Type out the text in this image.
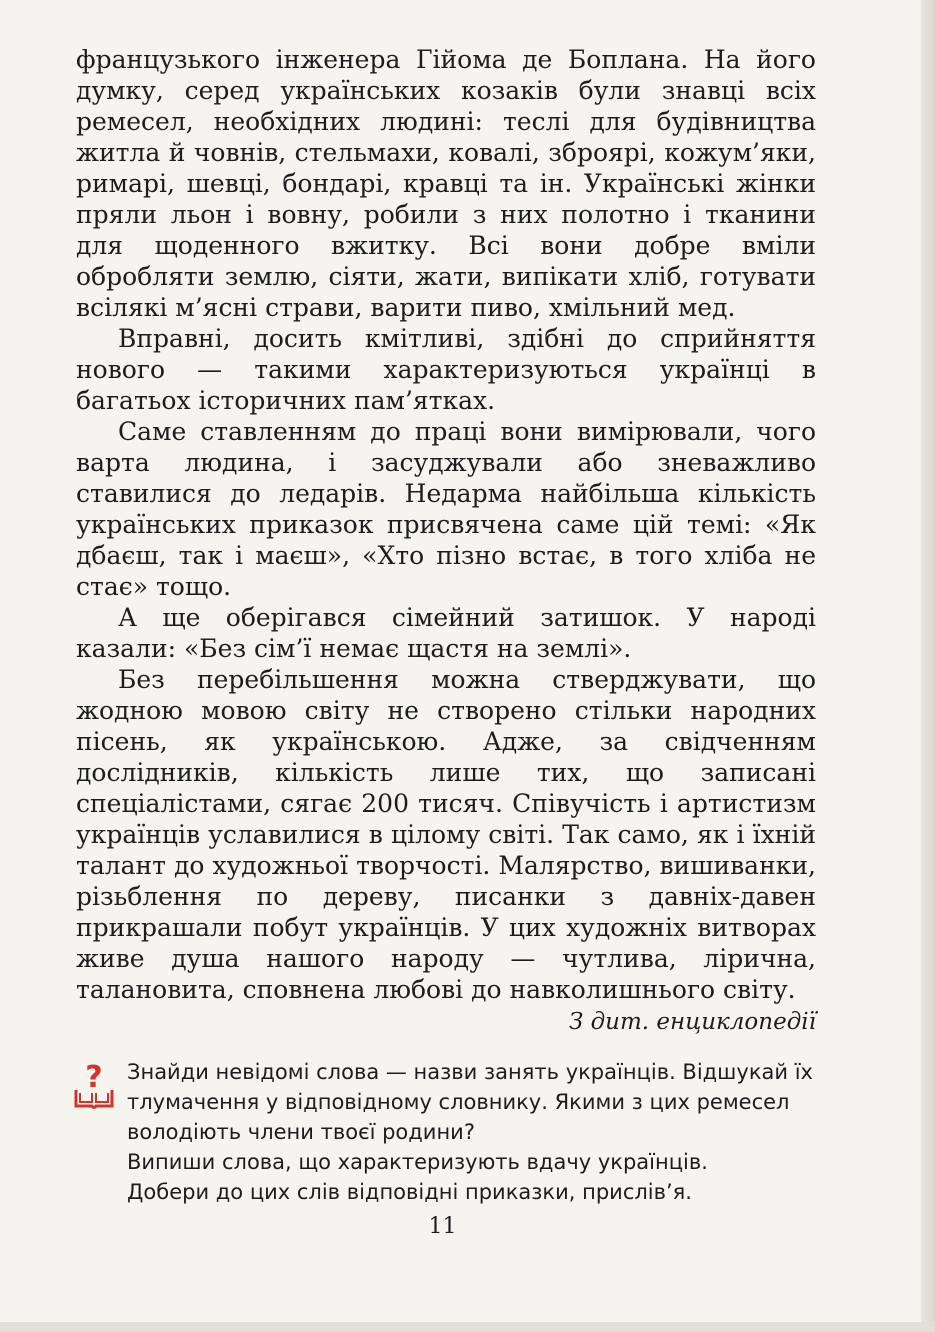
французького інженера Гійома де Боплана. На його думку, серед українських козаків були знавці всіх ремесел, необхідних людині: теслі для будівництва житла й човнів, стельмахи, ковалі, зброярі, кожум’яки, римарі, шевці, бондарі, кравці та ін. Українські жінки пряли льон і вовну, робили з них полотно і тканини для щоденного вжитку. Всі вони добре вміли обробляти землю, сіяти, жати, випікати хліб, готувати всілякі м’ясні страви, варити пиво, хмільний мед.

Вправні, досить кмітливі, здібні до сприйняття нового — такими характеризуються українці в багатьох історичних пам’ятках.

Саме ставленням до праці вони вимірювали, чого варта людина, і засуджували або зневажливо ставилися до ледарів. Недарма найбільша кількість українських приказок присвячена саме цій темі: «Як дбаєш, так і маєш», «Хто пізно встає, в того хліба не стає» тощо.

А ще оберігався сімейний затишок. У народі казали: «Без сім’ї немає щастя на землі».

Без перебільшення можна стверджувати, що жодною мовою світу не створено стільки народних пісень, як українською. Адже, за свідченням дослідників, кількість лише тих, що записані спеціалістами, сягає 200 тисяч. Співучість і артистизм українців уславилися в цілому світі. Так само, як і їхній талант до художньої творчості. Малярство, вишиванки, різьблення по дереву, писанки з давніх-давен прикрашали побут українців. У цих художніх витворах живе душа нашого народу — чутлива, лірична, талановита, сповнена любові до навколишнього світу.

З дит. енциклопедії
? Знайди невідомі слова — назви занять українців. Відшукай їх тлумачення у відповідному словнику. Якими з цих ремесел володіють члени твоєї родини?

Випиши слова, що характеризують вдачу українців.

Добери до цих слів відповідні приказки, прислів’я.

11
